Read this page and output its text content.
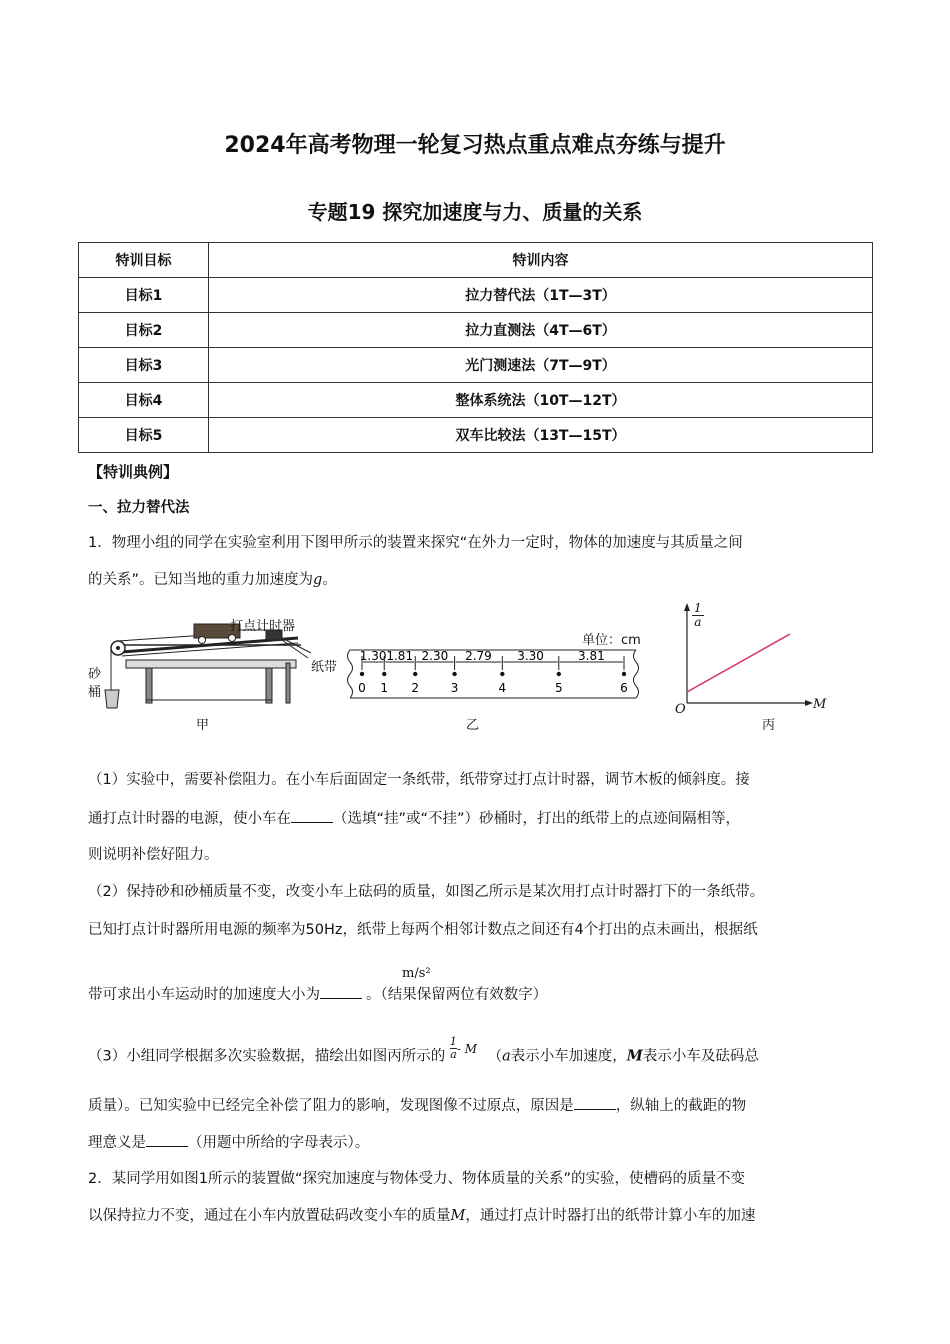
2024年高考物理一轮复习热点重点难点夯练与提升
专题19 探究加速度与力、质量的关系
特训目标	特训内容
目标1	拉力替代法（1T—3T）
目标2	拉力直测法（4T—6T）
目标3	光门测速法（7T—9T）
目标4	整体系统法（10T—12T）
目标5	双车比较法（13T—15T）
【特训典例】
一、拉力替代法
1．物理小组的同学在实验室利用下图甲所示的装置来探究“在外力一定时，物体的加速度与其质量之间
的关系”。已知当地的重力加速度为g。
打点计时器
纸带
砂
桶
甲
0 1 2	3	4	5	6
1.30 1.81 2.30 2.79 3.30	3.81
单位：cm
乙
1
a
M
O
丙
（1）实验中，需要补偿阻力。在小车后面固定一条纸带，纸带穿过打点计时器，调节木板的倾斜度。接
通打点计时器的电源，使小车在	（选填“挂”或“不挂”）砂桶时，打出的纸带上的点迹间隔相等，
则说明补偿好阻力。
（2）保持砂和砂桶质量不变，改变小车上砝码的质量，如图乙所示是某次用打点计时器打下的一条纸带。
已知打点计时器所用电源的频率为50Hz，纸带上每两个相邻计数点之间还有4个打出的点未画出，根据纸
m/s²
带可求出小车运动时的加速度大小为	。（结果保留两位有效数字）
（3）小组同学根据多次实验数据，描绘出如图丙所示的 $\frac{1}{a} ^{- M}$ （a表示小车加速度，M表示小车及砝码总
质量）。已知实验中已经完全补偿了阻力的影响，发现图像不过原点，原因是	，纵轴上的截距的物
理意义是	（用题中所给的字母表示）。
2．某同学用如图1所示的装置做“探究加速度与物体受力、物体质量的关系”的实验，使槽码的质量不变
以保持拉力不变，通过在小车内放置砝码改变小车的质量M，通过打点计时器打出的纸带计算小车的加速
